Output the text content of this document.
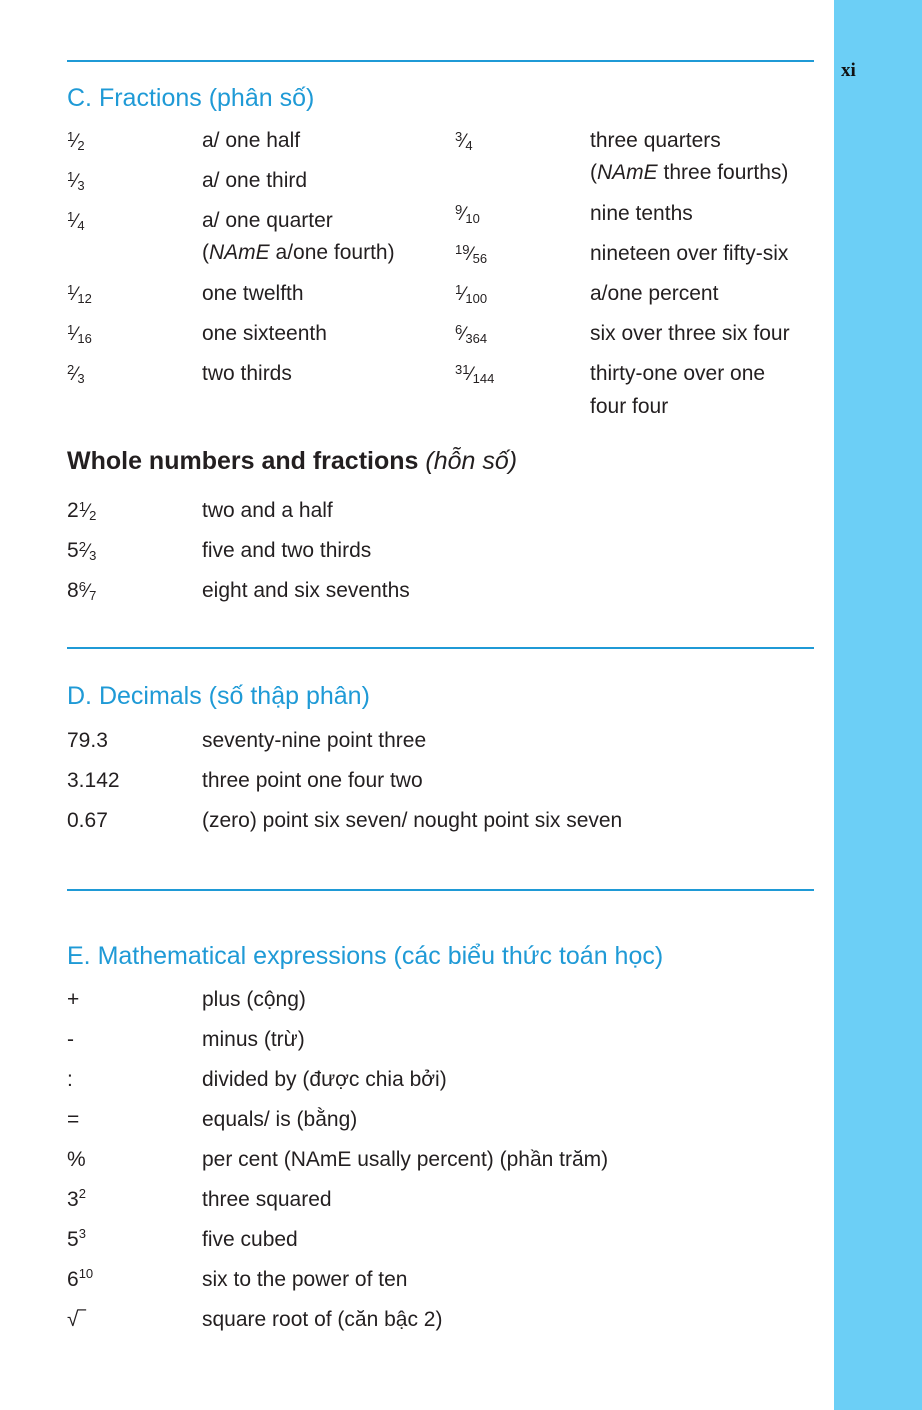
xi
C. Fractions (phân số)
$^1⁄_2$	a/ one half
$^1⁄_3$	a/ one third
$^1⁄_4$	a/ one quarter
(NAmE a/one fourth)
$^1⁄_{12}$	one twelfth
$^1⁄_{16}$	one sixteenth
$^2⁄_3$	two thirds
$^3⁄_4$	three quarters
(NAmE three fourths)
$^9⁄_{10}$	nine tenths
$^{19}⁄_{56}$	nineteen over fifty-six
$^1⁄_{100}$	a/one percent
$^6⁄_{364}$	six over three six four
$^{31}⁄_{144}$	thirty-one over one
four four
Whole numbers and fractions (hỗn số)
$2^1⁄_2$	two and a half
$5^2⁄_3$	five and two thirds
$8^6⁄_7$	eight and six sevenths
D. Decimals (số thập phân)
79.3	seventy-nine point three
3.142	three point one four two
0.67	(zero) point six seven/ nought point six seven
E. Mathematical expressions (các biểu thức toán học)
+	plus (cộng)
-	minus (trừ)
:	divided by (được chia bởi)
=	equals/ is (bằng)
%	per cent (NAmE usally percent) (phần trăm)
$3^2$	three squared
$5^3$	five cubed
$6^{10}$	six to the power of ten
√‾	square root of (căn bậc 2)
